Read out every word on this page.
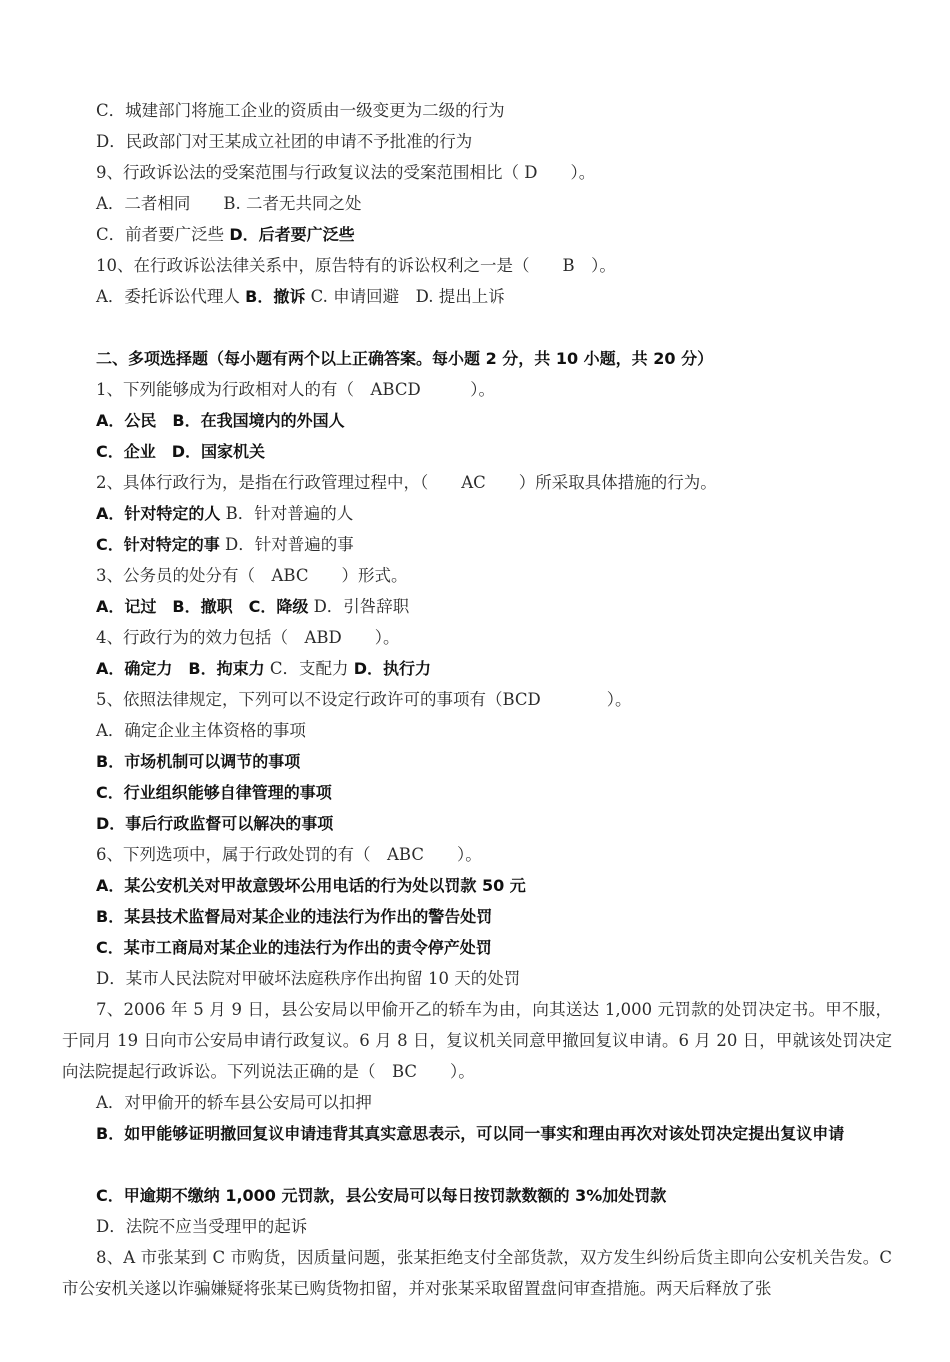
C．城建部门将施工企业的资质由一级变更为二级的行为
D．民政部门对王某成立社团的申请不予批准的行为
9、行政诉讼法的受案范围与行政复议法的受案范围相比（ D　　）。
A．二者相同　　B. 二者无共同之处
C．前者要广泛些 D．后者要广泛些
10、在行政诉讼法律关系中，原告特有的诉讼权利之一是（　　B　）。
A．委托诉讼代理人 B．撤诉 C. 申请回避　D. 提出上诉
二、多项选择题（每小题有两个以上正确答案。每小题 2 分，共 10 小题，共 20 分）
1、下列能够成为行政相对人的有（　ABCD　　　）。
A．公民　B．在我国境内的外国人
C．企业　D．国家机关
2、具体行政行为，是指在行政管理过程中，（　　AC　　）所采取具体措施的行为。
A．针对特定的人 B．针对普遍的人
C．针对特定的事 D．针对普遍的事
3、公务员的处分有（　ABC　　）形式。
A．记过　B．撤职　C．降级 D．引咎辞职
4、行政行为的效力包括（　ABD　　）。
A．确定力　B．拘束力 C．支配力 D．执行力
5、依照法律规定，下列可以不设定行政许可的事项有（BCD　　　　）。
A．确定企业主体资格的事项
B．市场机制可以调节的事项
C．行业组织能够自律管理的事项
D．事后行政监督可以解决的事项
6、下列选项中，属于行政处罚的有（　ABC　　）。
A．某公安机关对甲故意毁坏公用电话的行为处以罚款 50 元
B．某县技术监督局对某企业的违法行为作出的警告处罚
C．某市工商局对某企业的违法行为作出的责令停产处罚
D．某市人民法院对甲破坏法庭秩序作出拘留 10 天的处罚
7、2006 年 5 月 9 日，县公安局以甲偷开乙的轿车为由，向其送达 1,000 元罚款的处罚决定书。甲不服，于同月 19 日向市公安局申请行政复议。6 月 8 日，复议机关同意甲撤回复议申请。6 月 20 日，甲就该处罚决定向法院提起行政诉讼。下列说法正确的是（　BC　　）。
A．对甲偷开的轿车县公安局可以扣押
B．如甲能够证明撤回复议申请违背其真实意思表示，可以同一事实和理由再次对该处罚决定提出复议申请
C．甲逾期不缴纳 1,000 元罚款，县公安局可以每日按罚款数额的 3%加处罚款
D．法院不应当受理甲的起诉
8、A 市张某到 C 市购货，因质量问题，张某拒绝支付全部货款，双方发生纠纷后货主即向公安机关告发。C 市公安机关遂以诈骗嫌疑将张某已购货物扣留，并对张某采取留置盘问审查措施。两天后释放了张
